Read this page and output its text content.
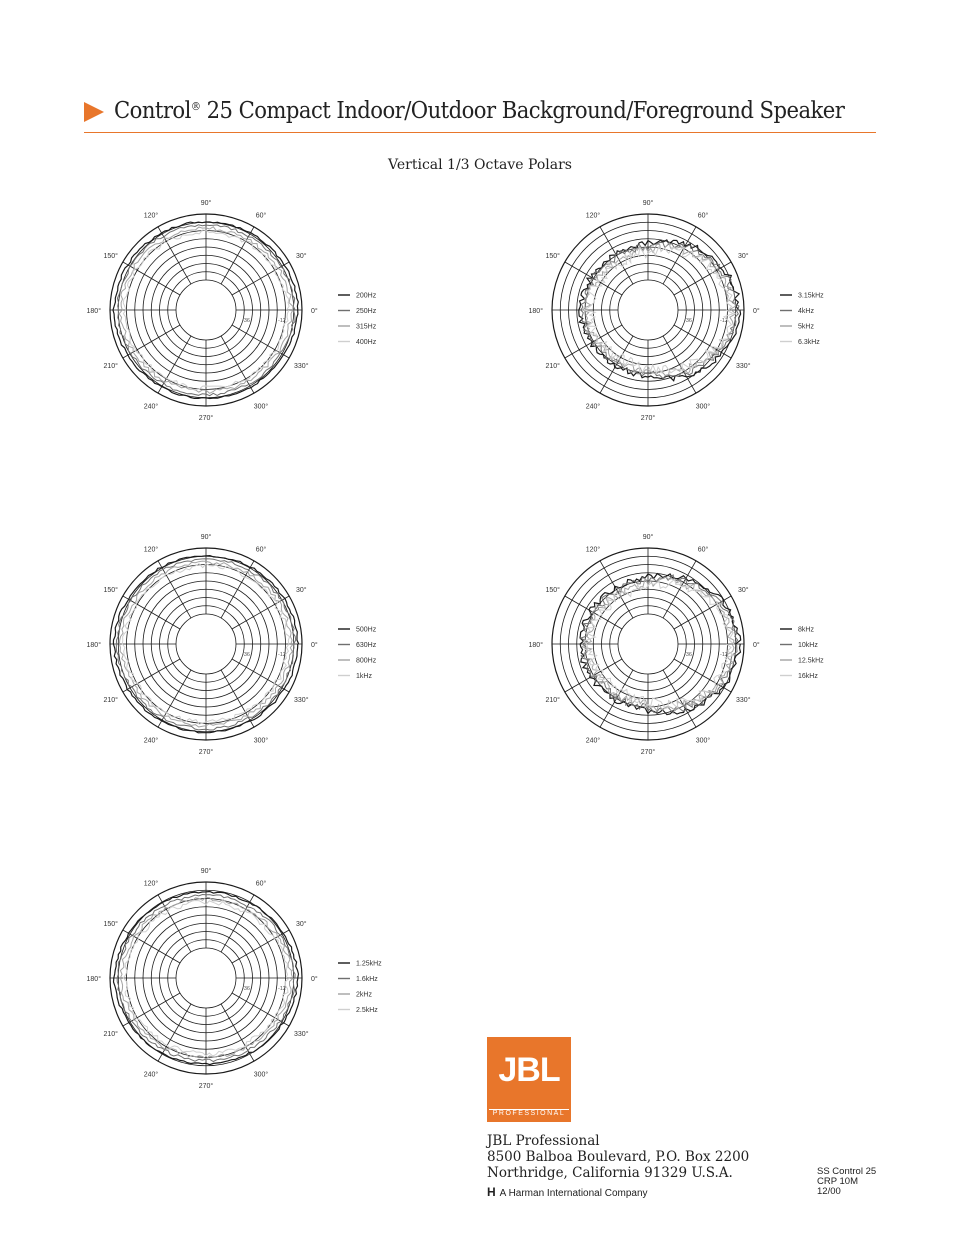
Control® 25 Compact Indoor/Outdoor Background/Foreground Speaker
Vertical 1/3 Octave Polars
90°
60°
30°
0°
330°
300°
270°
240°
210°
180°
150°
120°
-36	-12
200Hz
250Hz
315Hz
400Hz
90°
60°
30°
0°
330°
300°
270°
240°
210°
180°
150°
120°
-36	-12
3.15kHz
4kHz
5kHz
6.3kHz
90°
60°
30°
0°
330°
300°
270°
240°
210°
180°
150°
120°
-36	-12
500Hz
630Hz
800Hz
1kHz
90°
60°
30°
0°
330°
300°
270°
240°
210°
180°
150°
120°
-36	-12
8kHz
10kHz
12.5kHz
16kHz
90°
60°
30°
0°
330°
300°
270°
240°
210°
180°
150°
120°
-36	-12
1.25kHz
1.6kHz
2kHz
2.5kHz
JBL
PROFESSIONAL
JBL Professional
8500 Balboa Boulevard, P.O. Box 2200
Northridge, California 91329 U.S.A.
H A Harman International Company
SS Control 25
CRP 10M
12/00
